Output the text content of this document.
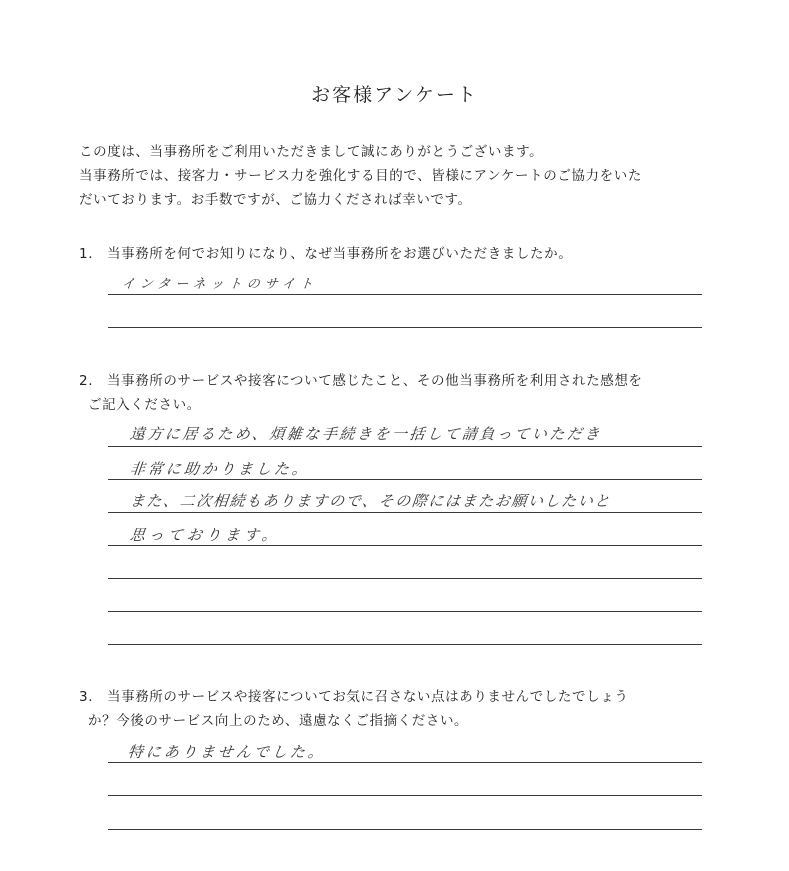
お客様アンケート
この度は、当事務所をご利用いただきまして誠にありがとうございます。
当事務所では、接客力・サービス力を強化する目的で、皆様にアンケートのご協力をいた
だいております。お手数ですが、ご協力くだされば幸いです。
1. 当事務所を何でお知りになり、なぜ当事務所をお選びいただきましたか。
インターネットのサイト
2. 当事務所のサービスや接客について感じたこと、その他当事務所を利用された感想を
ご記入ください。
遠方に居るため、煩雑な手続きを一括して請負っていただき
非常に助かりました。
また、二次相続もありますので、その際にはまたお願いしたいと
思っております。
3. 当事務所のサービスや接客についてお気に召さない点はありませんでしたでしょう
か？今後のサービス向上のため、遠慮なくご指摘ください。
特にありませんでした。
